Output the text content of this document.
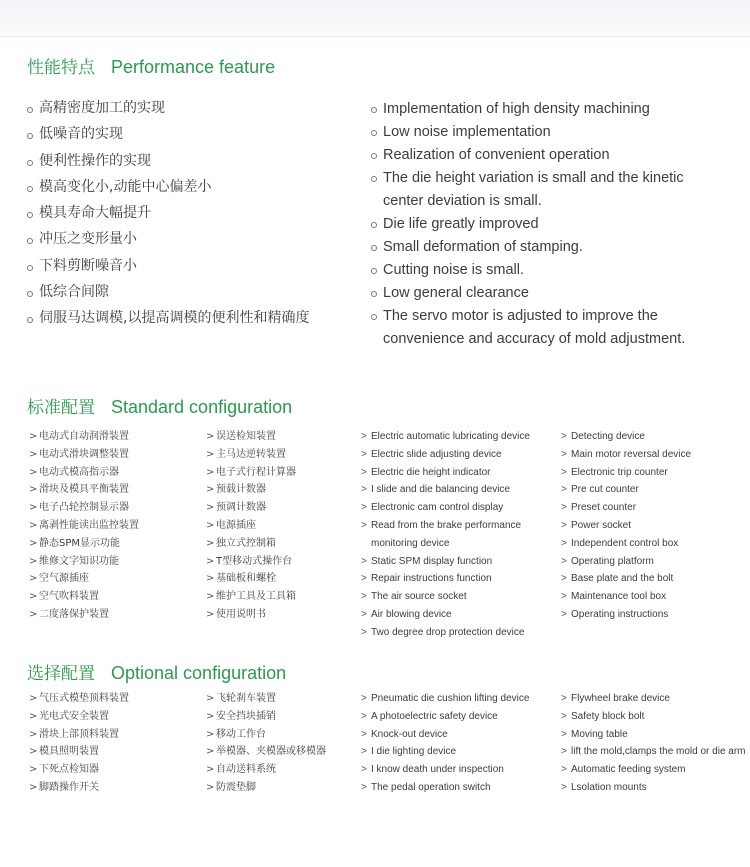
性能特点 Performance feature
高精密度加工的实现
低噪音的实现
便利性操作的实现
模高变化小,动能中心偏差小
模具寿命大幅提升
冲压之变形量小
下料剪断噪音小
低综合间隙
伺服马达调模,以提高调模的便利性和精确度
Implementation of high density machining
Low noise implementation
Realization of convenient operation
The die height variation is small and the kinetic center deviation is small.
Die life greatly improved
Small deformation of stamping.
Cutting noise is small.
Low general clearance
The servo motor is adjusted to improve the convenience and accuracy of mold adjustment.
标准配置 Standard configuration
> 电动式自动润滑装置
> 电动式滑块调整装置
> 电动式模高指示器
> 滑块及模具平衡装置
> 电子凸轮控制显示器
> 离剥性能读出监控装置
> 静态SPM显示功能
> 维修文字知识功能
> 空气源插座
> 空气吹料装置
> 二度落保护装置
> 误送检知装置
> 主马达逆转装置
> 电子式行程计算器
> 预载计数器
> 预调计数器
> 电源插座
> 独立式控制箱
> T型移动式操作台
> 基础板和螺栓
> 维护工具及工具箱
> 使用说明书
> Electric automatic lubricating device
> Electric slide adjusting device
> Electric die height indicator
> I slide and die balancing device
> Electronic cam control display
> Read from the brake performance monitoring device
> Static SPM display function
> Repair instructions function
> The air source socket
> Air blowing device
> Two degree drop protection device
> Detecting device
> Main motor reversal device
> Electronic trip counter
> Pre cut counter
> Preset counter
> Power socket
> Independent control box
> Operating platform
> Base plate and the bolt
> Maintenance tool box
> Operating instructions
选择配置 Optional configuration
> 气压式模垫顶料装置
> 光电式安全装置
> 滑块上部顶料装置
> 模具照明装置
> 下死点检知器
> 脚踏操作开关
> 飞轮刹车装置
> 安全挡块插销
> 移动工作台
> 举模器、夹模器或移模器
> 自动送料系统
> 防震垫脚
> Pneumatic die cushion lifting device
> A photoelectric safety device
> Knock-out device
> I die lighting device
> I know death under inspection
> The pedal operation switch
> Flywheel brake device
> Safety block bolt
> Moving table
> lift the mold,clamps the mold or die arm
> Automatic feeding system
> Lsolation mounts
